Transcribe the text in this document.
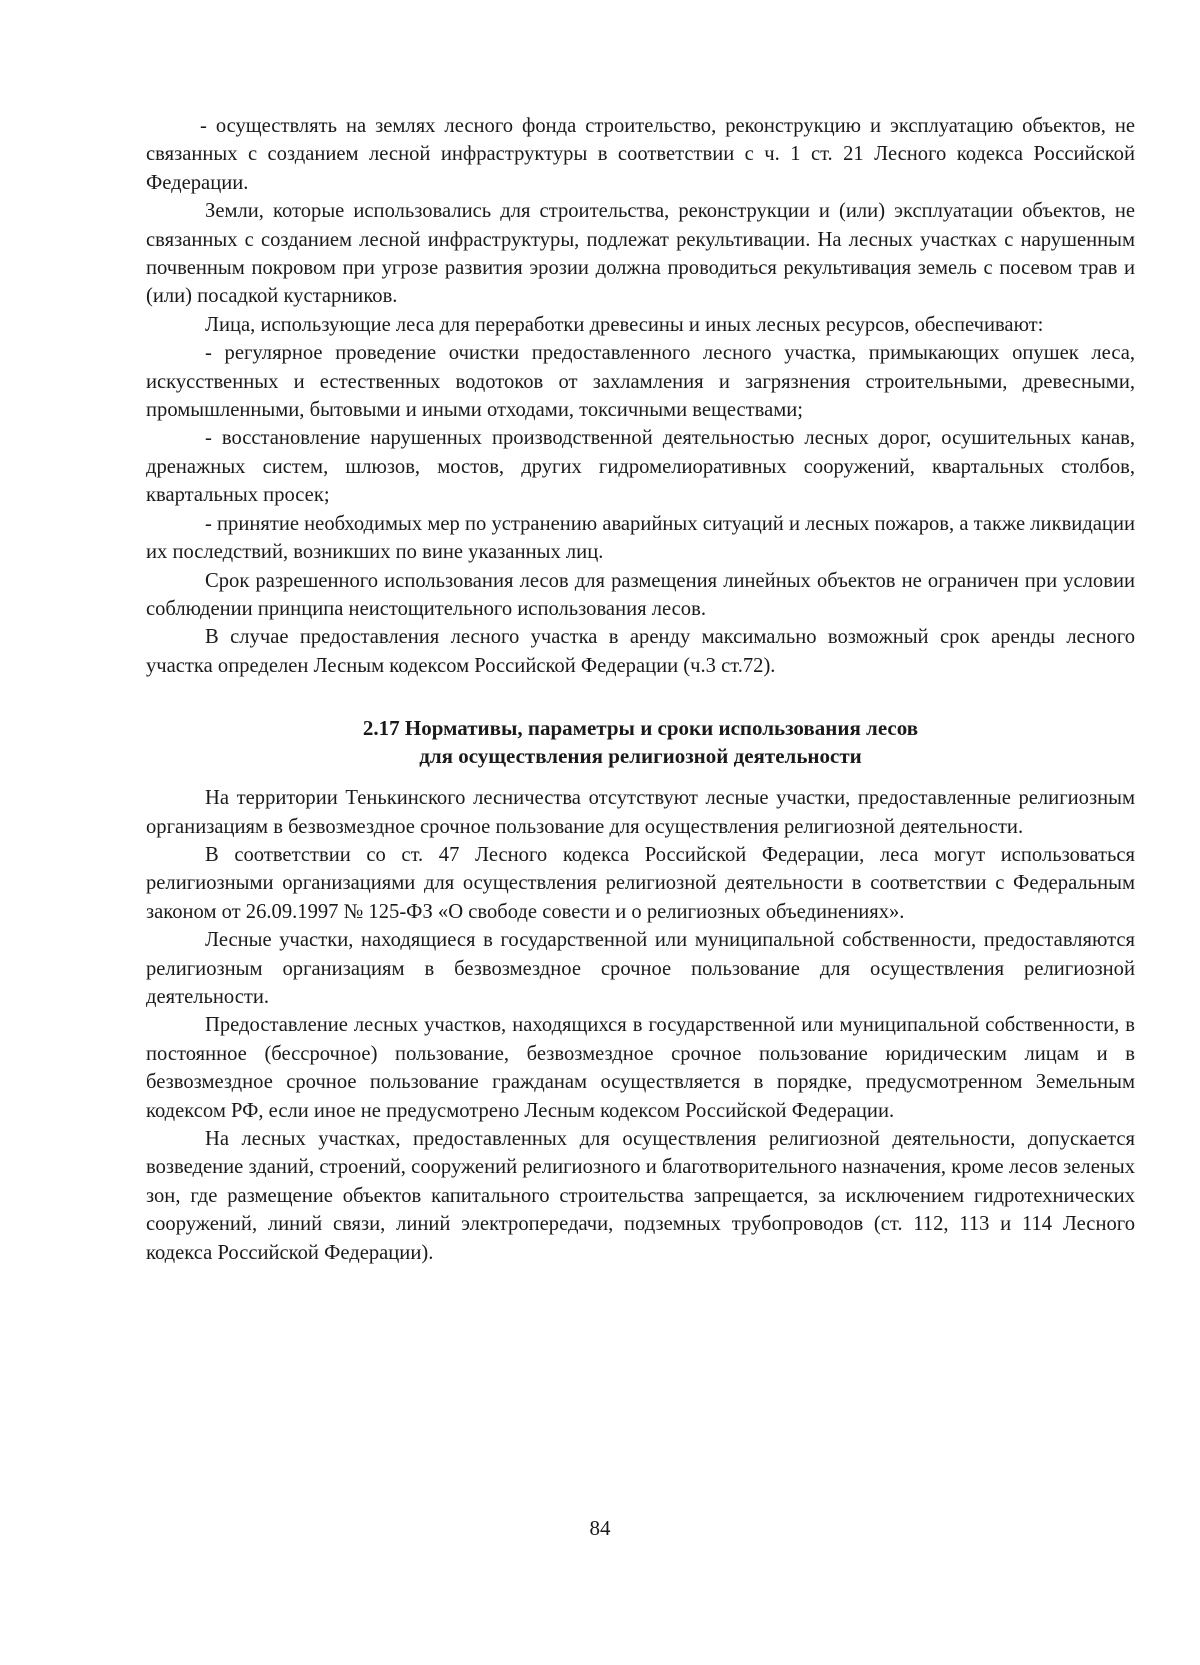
- осуществлять на землях лесного фонда строительство, реконструкцию и эксплуатацию объектов, не связанных с созданием лесной инфраструктуры в соответствии с ч. 1 ст. 21 Лесного кодекса Российской Федерации.

Земли, которые использовались для строительства, реконструкции и (или) эксплуатации объектов, не связанных с созданием лесной инфраструктуры, подлежат рекультивации. На лесных участках с нарушенным почвенным покровом при угрозе развития эрозии должна проводиться рекультивация земель с посевом трав и (или) посадкой кустарников.

Лица, использующие леса для переработки древесины и иных лесных ресурсов, обеспечивают:

- регулярное проведение очистки предоставленного лесного участка, примыкающих опушек леса, искусственных и естественных водотоков от захламления и загрязнения строительными, древесными, промышленными, бытовыми и иными отходами, токсичными веществами;

- восстановление нарушенных производственной деятельностью лесных дорог, осушительных канав, дренажных систем, шлюзов, мостов, других гидромелиоративных сооружений, квартальных столбов, квартальных просек;

- принятие необходимых мер по устранению аварийных ситуаций и лесных пожаров, а также ликвидации их последствий, возникших по вине указанных лиц.

Срок разрешенного использования лесов для размещения линейных объектов не ограничен при условии соблюдении принципа неистощительного использования лесов.

В случае предоставления лесного участка в аренду максимально возможный срок аренды лесного участка определен Лесным кодексом Российской Федерации (ч.3 ст.72).

2.17 Нормативы, параметры и сроки использования лесов
для осуществления религиозной деятельности

На территории Тенькинского лесничества отсутствуют лесные участки, предоставленные религиозным организациям в безвозмездное срочное пользование для осуществления религиозной деятельности.

В соответствии со ст. 47 Лесного кодекса Российской Федерации, леса могут использоваться религиозными организациями для осуществления религиозной деятельности в соответствии с Федеральным законом от 26.09.1997 № 125-ФЗ «О свободе совести и о религиозных объединениях».

Лесные участки, находящиеся в государственной или муниципальной собственности, предоставляются религиозным организациям в безвозмездное срочное пользование для осуществления религиозной деятельности.

Предоставление лесных участков, находящихся в государственной или муниципальной собственности, в постоянное (бессрочное) пользование, безвозмездное срочное пользование юридическим лицам и в безвозмездное срочное пользование гражданам осуществляется в порядке, предусмотренном Земельным кодексом РФ, если иное не предусмотрено Лесным кодексом Российской Федерации.

На лесных участках, предоставленных для осуществления религиозной деятельности, допускается возведение зданий, строений, сооружений религиозного и благотворительного назначения, кроме лесов зеленых зон, где размещение объектов капитального строительства запрещается, за исключением гидротехнических сооружений, линий связи, линий электропередачи, подземных трубопроводов (ст. 112, 113 и 114 Лесного кодекса Российской Федерации).

84
